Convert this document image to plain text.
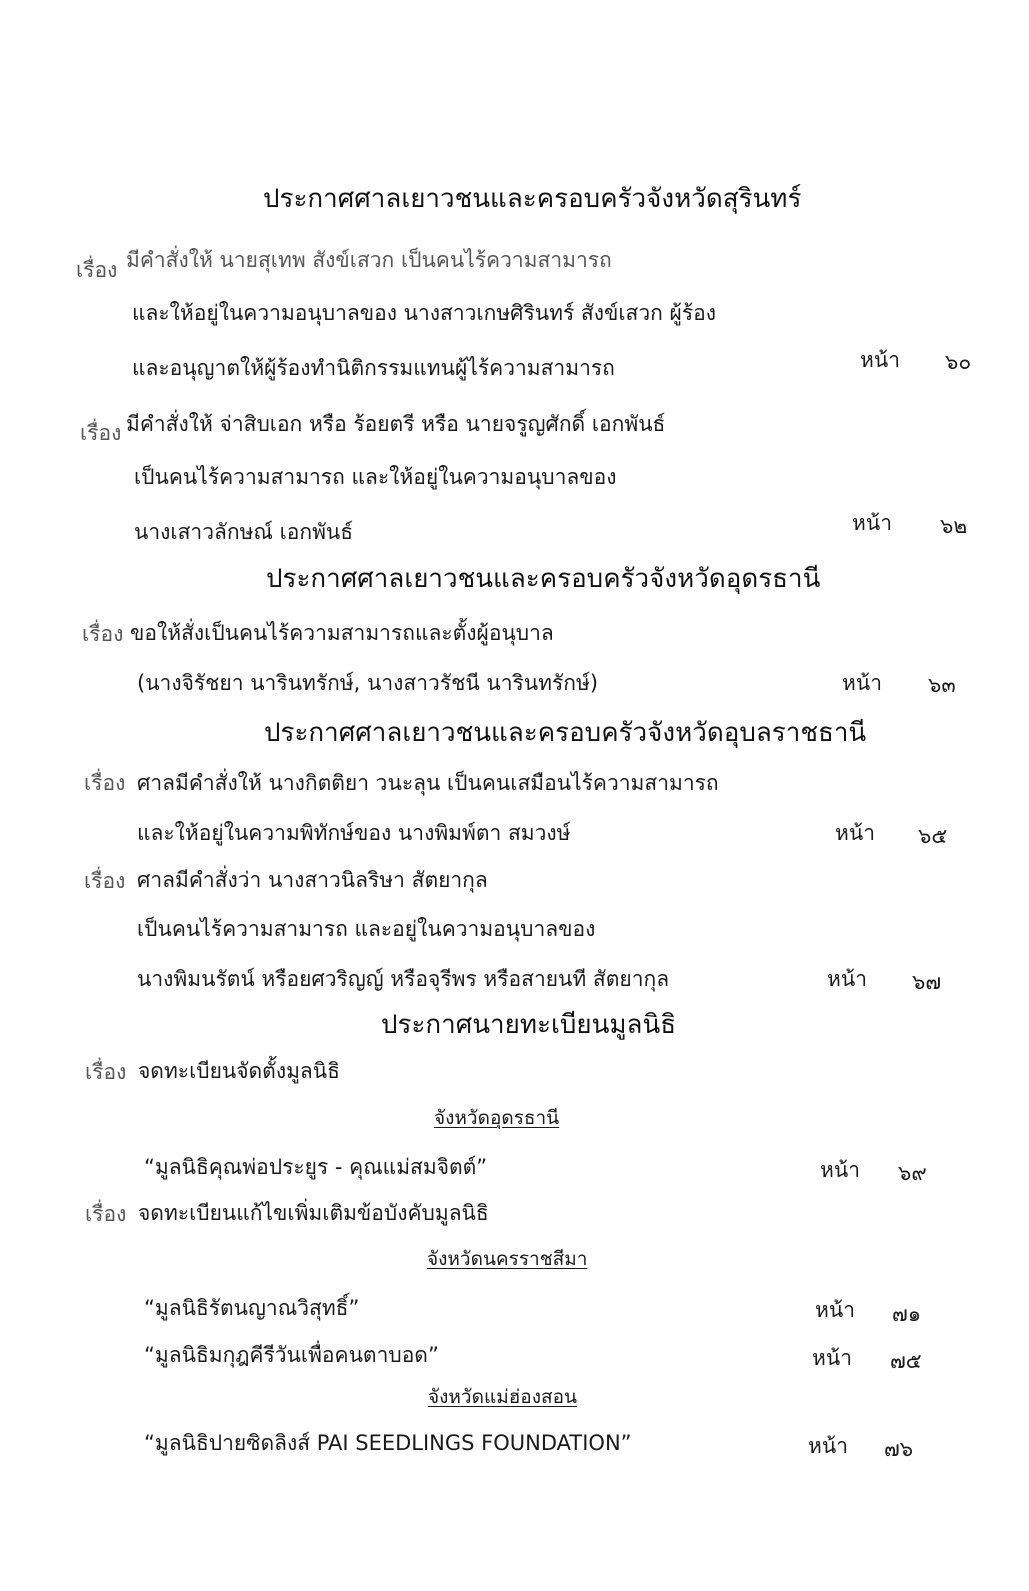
ประกาศศาลเยาวชนและครอบครัวจังหวัดสุรินทร์
เรื่อง มีคำสั่งให้ นายสุเทพ สังข์เสวก เป็นคนไร้ความสามารถ
และให้อยู่ในความอนุบาลของ นางสาวเกษศิรินทร์ สังข์เสวก ผู้ร้อง
และอนุญาตให้ผู้ร้องทำนิติกรรมแทนผู้ไร้ความสามารถ	หน้า ๖๐
เรื่อง มีคำสั่งให้ จ่าสิบเอก หรือ ร้อยตรี หรือ นายจรูญศักดิ์ เอกพันธ์
เป็นคนไร้ความสามารถ และให้อยู่ในความอนุบาลของ
นางเสาวลักษณ์ เอกพันธ์	หน้า ๖๒
ประกาศศาลเยาวชนและครอบครัวจังหวัดอุดรธานี
เรื่อง ขอให้สั่งเป็นคนไร้ความสามารถและตั้งผู้อนุบาล
(นางจิรัชยา นารินทรักษ์, นางสาวรัชนี นารินทรักษ์)	หน้า ๖๓
ประกาศศาลเยาวชนและครอบครัวจังหวัดอุบลราชธานี
เรื่อง ศาลมีคำสั่งให้ นางกิตติยา วนะลุน เป็นคนเสมือนไร้ความสามารถ
และให้อยู่ในความพิทักษ์ของ นางพิมพ์ตา สมวงษ์	หน้า ๖๕
เรื่อง ศาลมีคำสั่งว่า นางสาวนิลริษา สัตยากุล
เป็นคนไร้ความสามารถ และอยู่ในความอนุบาลของ
นางพิมนรัตน์ หรือยศวริญญ์ หรือจุรีพร หรือสายนที สัตยากุล	หน้า ๖๗
ประกาศนายทะเบียนมูลนิธิ
เรื่อง จดทะเบียนจัดตั้งมูลนิธิ
จังหวัดอุดรธานี
“มูลนิธิคุณพ่อประยูร - คุณแม่สมจิตต์”	หน้า ๖๙
เรื่อง จดทะเบียนแก้ไขเพิ่มเติมข้อบังคับมูลนิธิ
จังหวัดนครราชสีมา
“มูลนิธิรัตนญาณวิสุทธิ์”	หน้า ๗๑
“มูลนิธิมกุฎคีรีวันเพื่อคนตาบอด”	หน้า ๗๕
จังหวัดแม่ฮ่องสอน
“มูลนิธิปายซิดลิงส์ PAI SEEDLINGS FOUNDATION”	หน้า ๗๖
